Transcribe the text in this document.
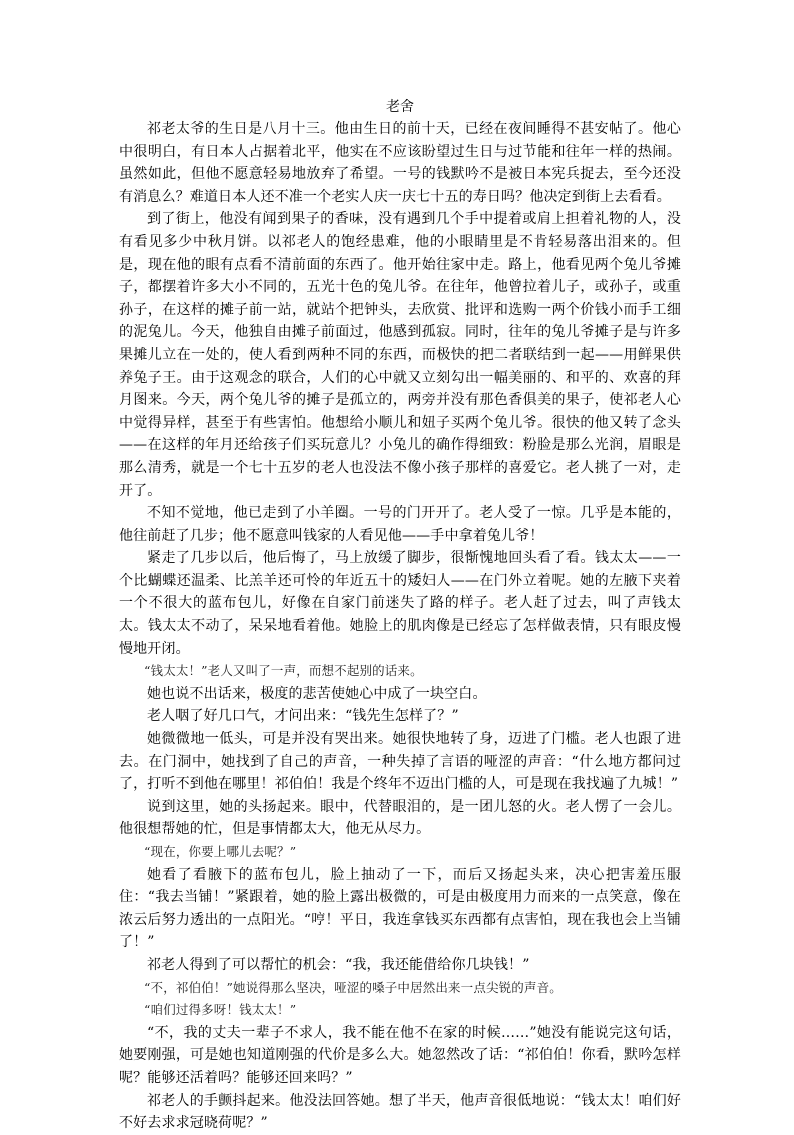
老舍

祁老太爷的生日是八月十三。他由生日的前十天，已经在夜间睡得不甚安帖了。他心中很明白，有日本人占据着北平，他实在不应该盼望过生日与过节能和往年一样的热闹。虽然如此，但他不愿意轻易地放弃了希望。一号的钱默吟不是被日本宪兵捉去，至今还没有消息么？难道日本人还不准一个老实人庆一庆七十五的寿日吗？他决定到街上去看看。

到了街上，他没有闻到果子的香味，没有遇到几个手中提着或肩上担着礼物的人，没有看见多少中秋月饼。以祁老人的饱经患难，他的小眼睛里是不肯轻易落出泪来的。但是，现在他的眼有点看不清前面的东西了。他开始往家中走。路上，他看见两个兔儿爷摊子，都摆着许多大小不同的，五光十色的兔儿爷。在往年，他曾拉着儿子，或孙子，或重孙子，在这样的摊子前一站，就站个把钟头，去欣赏、批评和选购一两个价钱小而手工细的泥兔儿。今天，他独自由摊子前面过，他感到孤寂。同时，往年的兔儿爷摊子是与许多果摊儿立在一处的，使人看到两种不同的东西，而极快的把二者联结到一起——用鲜果供养兔子王。由于这观念的联合，人们的心中就又立刻勾出一幅美丽的、和平的、欢喜的拜月图来。今天，两个兔儿爷的摊子是孤立的，两旁并没有那色香俱美的果子，使祁老人心中觉得异样，甚至于有些害怕。他想给小顺儿和妞子买两个兔儿爷。很快的他又转了念头——在这样的年月还给孩子们买玩意儿？小兔儿的确作得细致：粉脸是那么光润，眉眼是那么清秀，就是一个七十五岁的老人也没法不像小孩子那样的喜爱它。老人挑了一对，走开了。

不知不觉地，他已走到了小羊圈。一号的门开开了。老人受了一惊。几乎是本能的，他往前赶了几步；他不愿意叫钱家的人看见他——手中拿着兔儿爷！

紧走了几步以后，他后悔了，马上放缓了脚步，很惭愧地回头看了看。钱太太——一个比蝴蝶还温柔、比羔羊还可怜的年近五十的矮妇人——在门外立着呢。她的左腋下夹着一个不很大的蓝布包儿，好像在自家门前迷失了路的样子。老人赶了过去，叫了声钱太太。钱太太不动了，呆呆地看着他。她脸上的肌肉像是已经忘了怎样做表情，只有眼皮慢慢地开闭。

“钱太太！”老人又叫了一声，而想不起别的话来。

她也说不出话来，极度的悲苦使她心中成了一块空白。

老人咽了好几口气，才问出来：“钱先生怎样了？”

她微微地一低头，可是并没有哭出来。她很快地转了身，迈进了门槛。老人也跟了进去。在门洞中，她找到了自己的声音，一种失掉了言语的哑涩的声音：“什么地方都问过了，打听不到他在哪里！祁伯伯！我是个终年不迈出门槛的人，可是现在我找遍了九城！”

说到这里，她的头扬起来。眼中，代替眼泪的，是一团儿怒的火。老人愣了一会儿。他很想帮她的忙，但是事情都太大，他无从尽力。

“现在，你要上哪儿去呢？”

她看了看腋下的蓝布包儿，脸上抽动了一下，而后又扬起头来，决心把害羞压服住：“我去当铺！”紧跟着，她的脸上露出极微的，可是由极度用力而来的一点笑意，像在浓云后努力透出的一点阳光。“哼！平日，我连拿钱买东西都有点害怕，现在我也会上当铺了！”

祁老人得到了可以帮忙的机会：“我，我还能借给你几块钱！”

“不，祁伯伯！”她说得那么坚决，哑涩的嗓子中居然出来一点尖锐的声音。

“咱们过得多呀！钱太太！”

“不，我的丈夫一辈子不求人，我不能在他不在家的时候……”她没有能说完这句话，她要刚强，可是她也知道刚强的代价是多么大。她忽然改了话：“祁伯伯！你看，默吟怎样呢？能够还活着吗？能够还回来吗？”

祁老人的手颤抖起来。他没法回答她。想了半天，他声音很低地说：“钱太太！咱们好不好去求求冠晓荷呢？”
